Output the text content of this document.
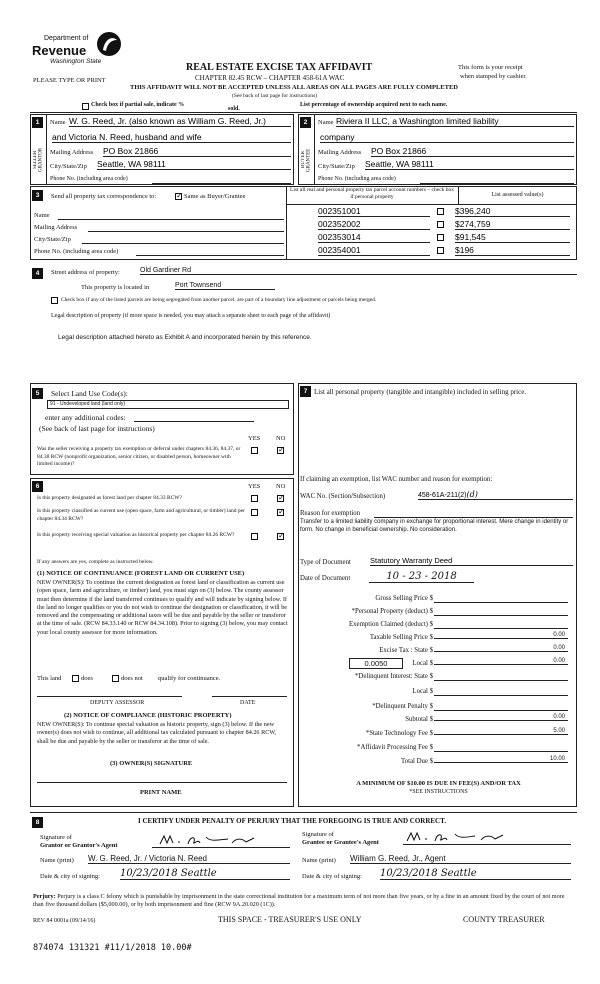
Department of
Revenue
Washington State
PLEASE TYPE OR PRINT
REAL ESTATE EXCISE TAX AFFIDAVIT
CHAPTER 82.45 RCW – CHAPTER 458-61A WAC
THIS AFFIDAVIT WILL NOT BE ACCEPTED UNLESS ALL AREAS ON ALL PAGES ARE FULLY COMPLETED
(See back of last page for instructions)
This form is your receipt
when stamped by cashier.
Check box if partial sale, indicate %
sold.
List percentage of ownership acquired next to each name.
1
SELLER GRANTOR
Name W. G. Reed, Jr. (also known as William G. Reed, Jr.)
and Victoria N. Reed, husband and wife
Mailing Address PO Box 21866
City/State/Zip Seattle, WA 98111
Phone No. (including area code)
2
BUYER GRANTEE
Name Riviera II LLC, a Washington limited liability
company
Mailing Address PO Box 21866
City/State/Zip Seattle, WA 98111
Phone No. (including area code)
3	Send all property tax correspondence to:
✓	Same as Buyer/Grantee
Name
Mailing Address
City/State/Zip
Phone No. (including area code)
List all real and personal property tax parcel account numbers – check box if personal property	List assessed value(s)
002351001	$396,240
002352002	$274,759
002353014	$91,545
002354001	$196
4	Street address of property:	Old Gardiner Rd
This property is located in	Port Townsend
Check box if any of the listed parcels are being segregated from another parcel, are part of a boundary line adjustment or parcels being merged.
Legal description of property (if more space is needed, you may attach a separate sheet to each page of the affidavit)
Legal description attached hereto as Exhibit A and incorporated herein by this reference.
5	Select Land Use Code(s):
91 - Undeveloped land (land only)
enter any additional codes:
(See back of last page for instructions)
YES NO
Was the seller receiving a property tax exemption or deferral under chapters 84.36, 84.37, or 84.38 RCW (nonprofit organization, senior citizen, or disabled person, homeowner with limited income)?
✓
6	YES NO
Is this property designated as forest land per chapter 84.33 RCW?
✓
Is this property classified as current use (open space, farm and agricultural, or timber) land per chapter 84.34 RCW?
✓
Is this property receiving special valuation as historical property per chapter 84.26 RCW?
✓
If any answers are yes, complete as instructed below.
(1) NOTICE OF CONTINUANCE (FOREST LAND OR CURRENT USE)
NEW OWNER(S): To continue the current designation as forest land or classification as current use (open space, farm and agriculture, or timber) land, you must sign on (3) below. The county assessor must then determine if the land transferred continues to qualify and will indicate by signing below. If the land no longer qualifies or you do not wish to continue the designation or classification, it will be removed and the compensating or additional taxes will be due and payable by the seller or transferor at the time of sale. (RCW 84.33.140 or RCW 84.34.108). Prior to signing (3) below, you may contact your local county assessor for more information.
This land	does	does not qualify for continuance.
DEPUTY ASSESSOR	DATE
(2) NOTICE OF COMPLIANCE (HISTORIC PROPERTY)
NEW OWNER(S): To continue special valuation as historic property, sign (3) below. If the new owner(s) does not wish to continue, all additional tax calculated pursuant to chapter 84.26 RCW, shall be due and payable by the seller or transferor at the time of sale.
(3) OWNER(S) SIGNATURE
PRINT NAME
7 List all personal property (tangible and intangible) included in selling price.
If claiming an exemption, list WAC number and reason for exemption:
WAC No. (Section/Subsection)	458-61A-211(2)(d)
Reason for exemption
Transfer to a limited liability company in exchange for proportional interest. Mere change in identity or form. No change in beneficial ownership. No consideration.
Type of Document	Statutory Warranty Deed
Date of Document	10 - 23 - 2018
Gross Selling Price $
*Personal Property (deduct) $
Exemption Claimed (deduct) $
Taxable Selling Price $	0.00
Excise Tax : State $	0.00
0.0050	Local $	0.00
*Delinquent Interest: State $
Local $
*Delinquent Penalty $
Subtotal $	0.00
*State Technology Fee $	5.00
*Affidavit Processing Fee $
Total Due $	10.00
A MINIMUM OF $10.00 IS DUE IN FEE(S) AND/OR TAX
*SEE INSTRUCTIONS
8	I CERTIFY UNDER PENALTY OF PERJURY THAT THE FOREGOING IS TRUE AND CORRECT.
Signature of
Grantor or Grantor's Agent
Name (print) W. G. Reed, Jr. / Victoria N. Reed
Date & city of signing: 10/23/2018 Seattle
Signature of
Grantee or Grantee's Agent
Name (print) William G. Reed, Jr., Agent
Date & city of signing: 10/23/2018 Seattle
Perjury: Perjury is a class C felony which is punishable by imprisonment in the state correctional institution for a maximum term of not more than five years, or by a fine in an amount fixed by the court of not more than five thousand dollars ($5,000.00), or by both imprisonment and fine (RCW 9A.20.020 (1C)).
REV 84 0001a (09/14/16)	THIS SPACE - TREASURER'S USE ONLY	COUNTY TREASURER
874074 131321 #11/1/2018 10.00#
